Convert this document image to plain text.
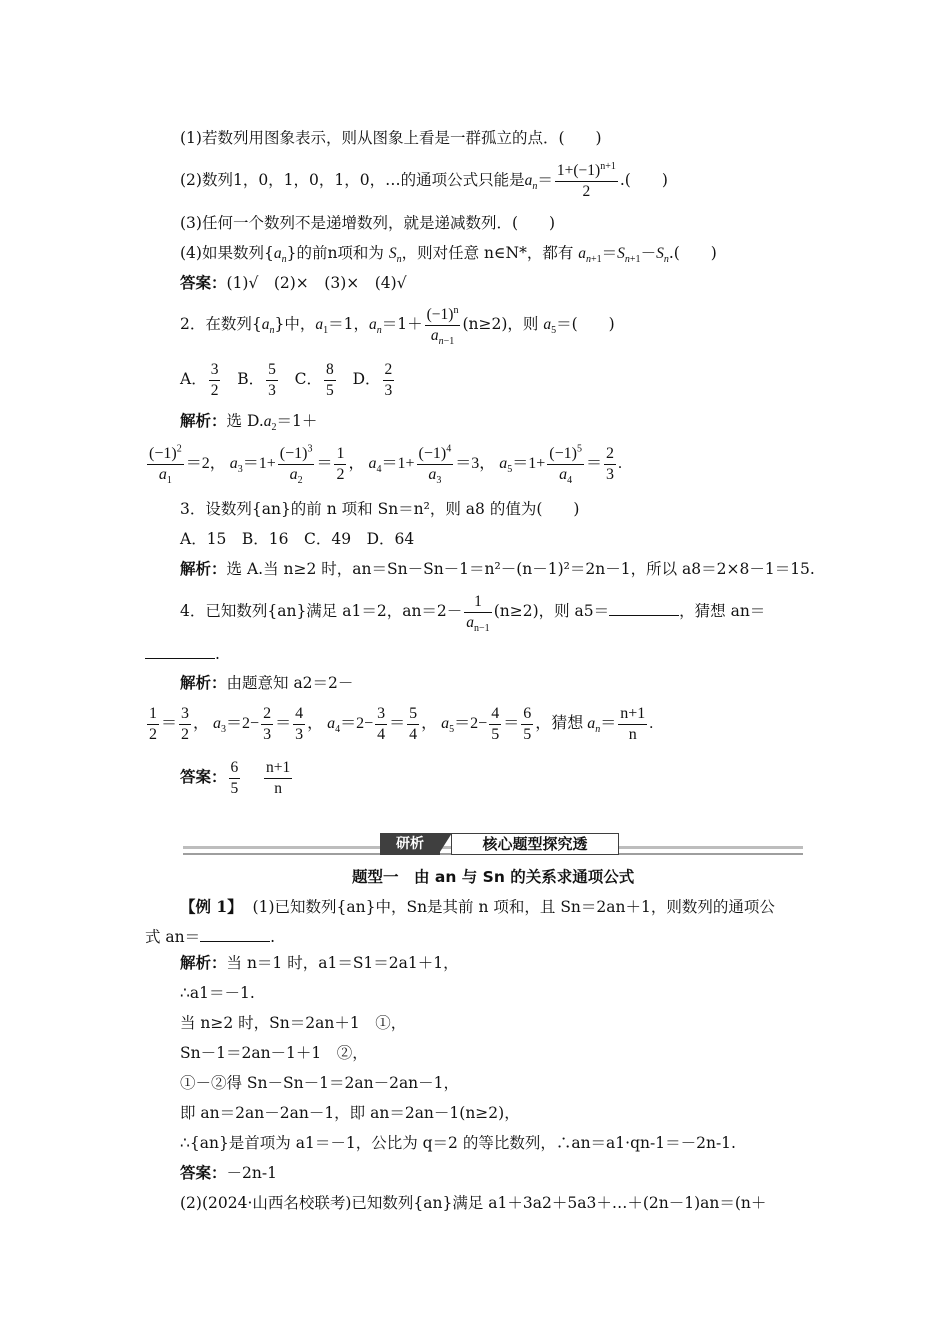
(1)若数列用图象表示，则从图象上看是一群孤立的点．(　　)
(2)数列1，0，1，0，1，0，…的通项公式只能是$a_n= \frac{1+(-1)^{n+1}}{2}$ .(　　)
(3)任何一个数列不是递增数列，就是递减数列．(　　)
(4)如果数列$\{a_n\}$的前n项和为 $S_n$，则对任意 n∈N*，都有 $a_{n+1}=S_{n+1}-S_n$.(　　)
答案：(1)√　(2)×　(3)×　(4)√
2．在数列$\{a_n\}$中，$a_1=1$，$a_n=1+ \frac{(-1)^n}{a_{n-1}} (n\ge 2)$，则 $a_5=$(　　)
A． $\frac{3}{2}$ B． $\frac{5}{3}$ C． $\frac{8}{5}$ D． $\frac{2}{3}$
解析：选 $D.a_2=1+$
$\frac{(-1)^2}{a_1} =2$， $a_3=1+ \frac{(-1)^3}{a_2} = \frac{1}{2}$ ， $a_4=1+ \frac{(-1)^4}{a_3} =3$， $a_5=1+ \frac{(-1)^5}{a_4} = \frac{2}{3}$ .
3．设数列{an}的前 n 项和 Sn＝n²，则 a8 的值为(　　)
A．15　B．16　C．49　D．64
解析：选 A.当 n≥2 时，an＝Sn－Sn－1＝n²－(n－1)²＝2n－1，所以 a8＝2×8－1＝15.
4．已知数列{an}满足 a1＝2，$an=2- \frac{1}{a_{n-1}} (n\ge 2)$，则 a5＝	，猜想 an＝
.
解析：由题意知 a2＝2－
$\frac{1}{2} = \frac{3}{2}$ ， $a_3=2- \frac{2}{3} = \frac{4}{3}$ ， $a_4=2- \frac{3}{4} = \frac{5}{4}$ ， $a_5=2- \frac{4}{5} = \frac{6}{5}$ ，猜想 $a_n= \frac{n+1}{n}$ .
答案： $\frac{6}{5}$
$\frac{n+1}{n}$
研析	核心题型探究透
题型一　由 an 与 Sn 的关系求通项公式
【例 1】 (1)已知数列{an}中，Sn是其前 n 项和，且 Sn＝2an＋1，则数列的通项公
式 an＝	.
解析：当 n＝1 时，a1＝S1＝2a1＋1，
∴a1＝－1.
当 n≥2 时，Sn＝2an＋1　①，
Sn－1＝2an－1＋1　②，
①－②得 Sn－Sn－1＝2an－2an－1，
即 an＝2an－2an－1，即 an＝2an－1(n≥2)，
∴{an}是首项为 a1＝－1，公比为 q＝2 的等比数列，∴an＝a1·qn-1＝－2n-1.
答案：－2n-1
(2)(2024·山西名校联考)已知数列{an}满足 a1＋3a2＋5a3＋…＋(2n－1)an＝(n＋
